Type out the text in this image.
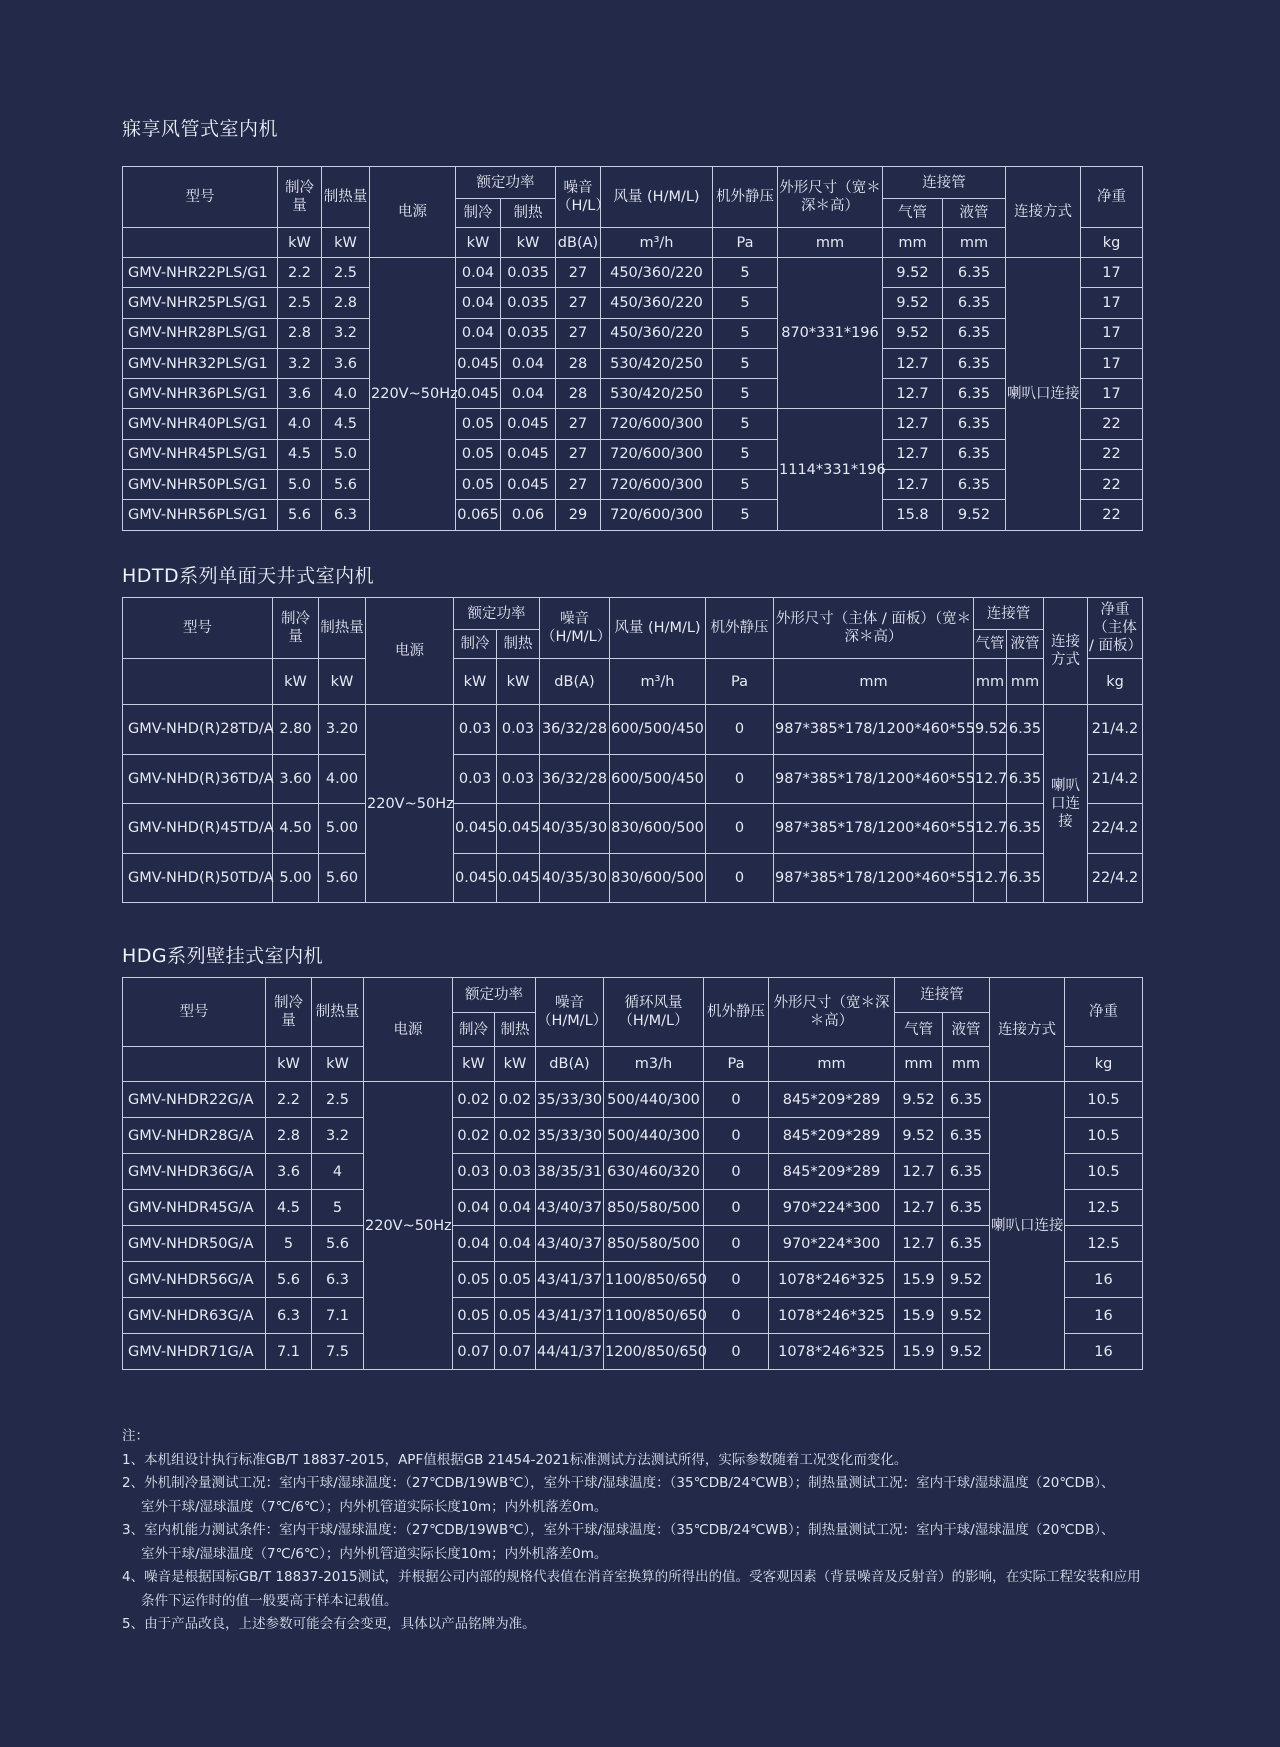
寐享风管式室内机
型号	制冷量	制热量	电源	额定功率		噪音（H/L）	风量 (H/M/L)	机外静压	外形尺寸（宽＊深＊高）	连接管		连接方式	净重
				制冷	制热					气管	液管		
	kW	kW		kW	kW	dB(A)	m³/h	Pa	mm	mm	mm		kg
GMV-NHR22PLS/G1	2.2	2.5	220V~50Hz	0.04	0.035	27	450/360/220	5	870*331*196	9.52	6.35	喇叭口连接	17
GMV-NHR25PLS/G1	2.5	2.8		0.04	0.035	27	450/360/220	5		9.52	6.35		17
GMV-NHR28PLS/G1	2.8	3.2		0.04	0.035	27	450/360/220	5		9.52	6.35		17
GMV-NHR32PLS/G1	3.2	3.6		0.045	0.04	28	530/420/250	5		12.7	6.35		17
GMV-NHR36PLS/G1	3.6	4.0		0.045	0.04	28	530/420/250	5		12.7	6.35		17
GMV-NHR40PLS/G1	4.0	4.5		0.05	0.045	27	720/600/300	5	1114*331*196	12.7	6.35		22
GMV-NHR45PLS/G1	4.5	5.0		0.05	0.045	27	720/600/300	5		12.7	6.35		22
GMV-NHR50PLS/G1	5.0	5.6		0.05	0.045	27	720/600/300	5		12.7	6.35		22
GMV-NHR56PLS/G1	5.6	6.3		0.065	0.06	29	720/600/300	5		15.8	9.52		22
HDTD系列单面天井式室内机
型号	制冷量	制热量	电源	额定功率		噪音（H/M/L）	风量 (H/M/L)	机外静压	外形尺寸（主体 / 面板）（宽＊深＊高）	连接管		连接方式	净重（主体 / 面板）
				制冷	制热					气管	液管		
	kW	kW		kW	kW	dB(A)	m³/h	Pa	mm	mm	mm		kg
GMV-NHD(R)28TD/A	2.80	3.20	220V~50Hz	0.03	0.03	36/32/28	600/500/450	0	987*385*178/1200*460*55	9.52	6.35	喇叭口连接	21/4.2
GMV-NHD(R)36TD/A	3.60	4.00		0.03	0.03	36/32/28	600/500/450	0	987*385*178/1200*460*55	12.7	6.35		21/4.2
GMV-NHD(R)45TD/A	4.50	5.00		0.045	0.045	40/35/30	830/600/500	0	987*385*178/1200*460*55	12.7	6.35		22/4.2
GMV-NHD(R)50TD/A	5.00	5.60		0.045	0.045	40/35/30	830/600/500	0	987*385*178/1200*460*55	12.7	6.35		22/4.2
HDG系列壁挂式室内机
型号	制冷量	制热量	电源	额定功率		噪音（H/M/L）	循环风量（H/M/L）	机外静压	外形尺寸（宽＊深＊高）	连接管		连接方式	净重
				制冷	制热					气管	液管		
	kW	kW		kW	kW	dB(A)	m3/h	Pa	mm	mm	mm		kg
GMV-NHDR22G/A	2.2	2.5	220V~50Hz	0.02	0.02	35/33/30	500/440/300	0	845*209*289	9.52	6.35	喇叭口连接	10.5
GMV-NHDR28G/A	2.8	3.2		0.02	0.02	35/33/30	500/440/300	0	845*209*289	9.52	6.35		10.5
GMV-NHDR36G/A	3.6	4		0.03	0.03	38/35/31	630/460/320	0	845*209*289	12.7	6.35		10.5
GMV-NHDR45G/A	4.5	5		0.04	0.04	43/40/37	850/580/500	0	970*224*300	12.7	6.35		12.5
GMV-NHDR50G/A	5	5.6		0.04	0.04	43/40/37	850/580/500	0	970*224*300	12.7	6.35		12.5
GMV-NHDR56G/A	5.6	6.3		0.05	0.05	43/41/37	1100/850/650	0	1078*246*325	15.9	9.52		16
GMV-NHDR63G/A	6.3	7.1		0.05	0.05	43/41/37	1100/850/650	0	1078*246*325	15.9	9.52		16
GMV-NHDR71G/A	7.1	7.5		0.07	0.07	44/41/37	1200/850/650	0	1078*246*325	15.9	9.52		16
注：
1、本机组设计执行标准GB/T 18837-2015，APF值根据GB 21454-2021标准测试方法测试所得，实际参数随着工况变化而变化。
2、外机制冷量测试工况：室内干球/湿球温度：（27℃DB/19WB℃），室外干球/湿球温度：（35℃DB/24℃WB）；制热量测试工况：室内干球/湿球温度（20℃DB）、
室外干球/湿球温度（7℃/6℃）；内外机管道实际长度10m；内外机落差0m。
3、室内机能力测试条件：室内干球/湿球温度：（27℃DB/19WB℃），室外干球/湿球温度：（35℃DB/24℃WB）；制热量测试工况：室内干球/湿球温度（20℃DB）、
室外干球/湿球温度（7℃/6℃）；内外机管道实际长度10m；内外机落差0m。
4、噪音是根据国标GB/T 18837-2015测试，并根据公司内部的规格代表值在消音室换算的所得出的值。受客观因素（背景噪音及反射音）的影响，在实际工程安装和应用
条件下运作时的值一般要高于样本记载值。
5、由于产品改良，上述参数可能会有会变更，具体以产品铭牌为准。
